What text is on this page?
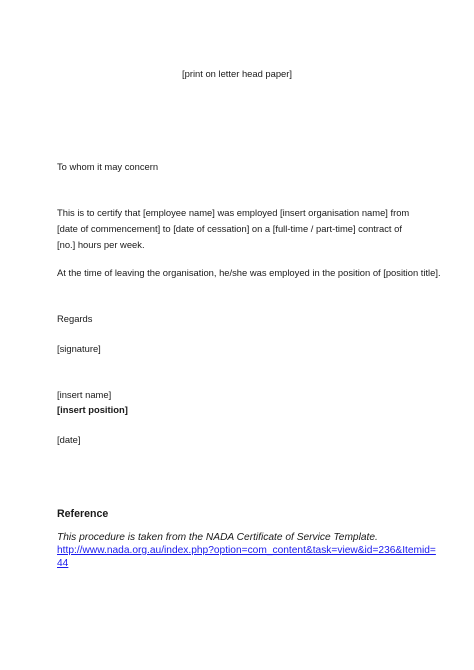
[print on letter head paper]
To whom it may concern
This is to certify that [employee name] was employed [insert organisation name] from [date of commencement] to [date of cessation] on a [full-time / part-time] contract of [no.] hours per week.
At the time of leaving the organisation, he/she was employed in the position of [position title].
Regards
[signature]
[insert name]
[insert position]
[date]
Reference
This procedure is taken from the NADA Certificate of Service Template.
http://www.nada.org.au/index.php?option=com_content&task=view&id=236&Itemid=
44
